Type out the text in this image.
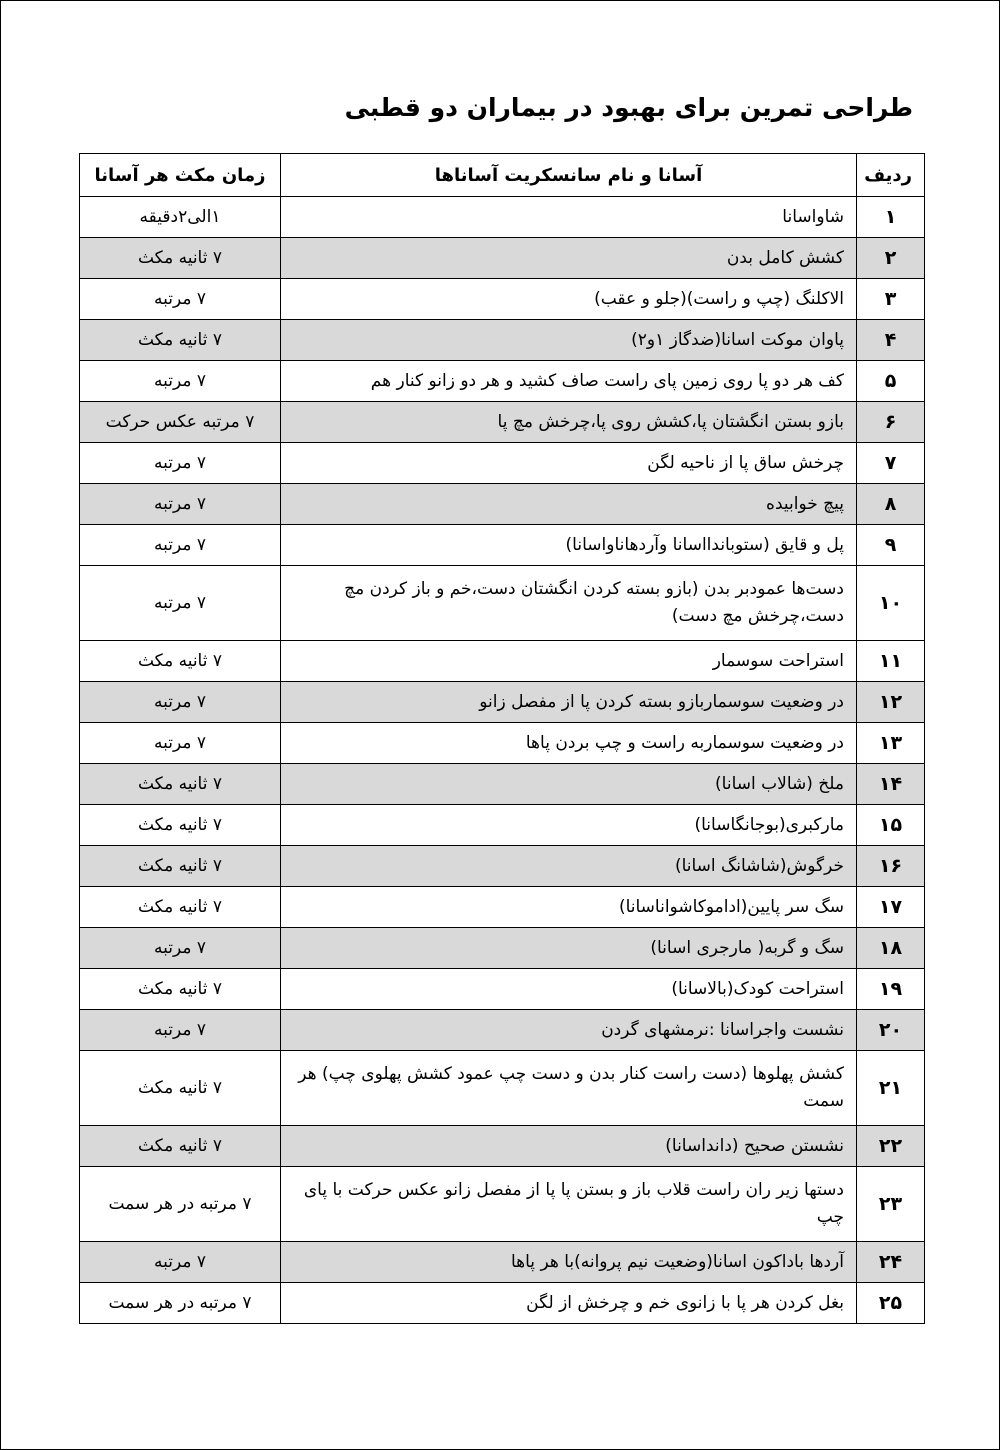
طراحی تمرین برای بهبود در بیماران دو قطبی
ردیف	آسانا و نام سانسکریت آساناها	زمان مکث هر آسانا
۱	شاواسانا	۱الی۲دقیقه
۲	کشش کامل بدن	۷ ثانیه مکث
۳	الاکلنگ (چپ و راست)(جلو و عقب)	۷ مرتبه
۴	پاوان موکت اسانا(ضدگاز ۱و۲)	۷ ثانیه مکث
۵	کف هر دو پا روی زمین پای راست صاف کشید و هر دو زانو کنار هم	۷ مرتبه
۶	بازو بستن انگشتان پا،کشش روی پا،چرخش مچ پا	۷ مرتبه عکس حرکت
۷	چرخش ساق پا از ناحیه لگن	۷ مرتبه
۸	پیچ خوابیده	۷ مرتبه
۹	پل و قایق (ستوباندااسانا وآردهاناواسانا)	۷ مرتبه
۱۰	دست‌ها عمودبر بدن (بازو بسته کردن انگشتان دست،خم و باز کردن مچ دست،چرخش مچ دست)	۷ مرتبه
۱۱	استراحت سوسمار	۷ ثانیه مکث
۱۲	در وضعیت سوسماربازو بسته کردن پا از مفصل زانو	۷ مرتبه
۱۳	در وضعیت سوسماربه راست و چپ بردن پاها	۷ مرتبه
۱۴	ملخ (شالاب اسانا)	۷ ثانیه مکث
۱۵	مارکبری(بوجانگاسانا)	۷ ثانیه مکث
۱۶	خرگوش(شاشانگ اسانا)	۷ ثانیه مکث
۱۷	سگ سر پایین(اداموکاشواناسانا)	۷ ثانیه مکث
۱۸	سگ و گربه( مارجری اسانا)	۷ مرتبه
۱۹	استراحت کودک(بالاسانا)	۷ ثانیه مکث
۲۰	نشست واجراسانا :نرمشهای گردن	۷ مرتبه
۲۱	کشش پهلوها (دست راست کنار بدن و دست چپ عمود کشش پهلوی چپ) هر سمت	۷ ثانیه مکث
۲۲	نشستن صحیح (دانداسانا)	۷ ثانیه مکث
۲۳	دستها زیر ران راست قلاب باز و بستن پا پا از مفصل زانو عکس حرکت با پای چپ	۷ مرتبه در هر سمت
۲۴	آردها باداکون اسانا(وضعیت نیم پروانه)با هر پاها	۷ مرتبه
۲۵	بغل کردن هر پا با زانوی خم و چرخش از لگن	۷ مرتبه در هر سمت
